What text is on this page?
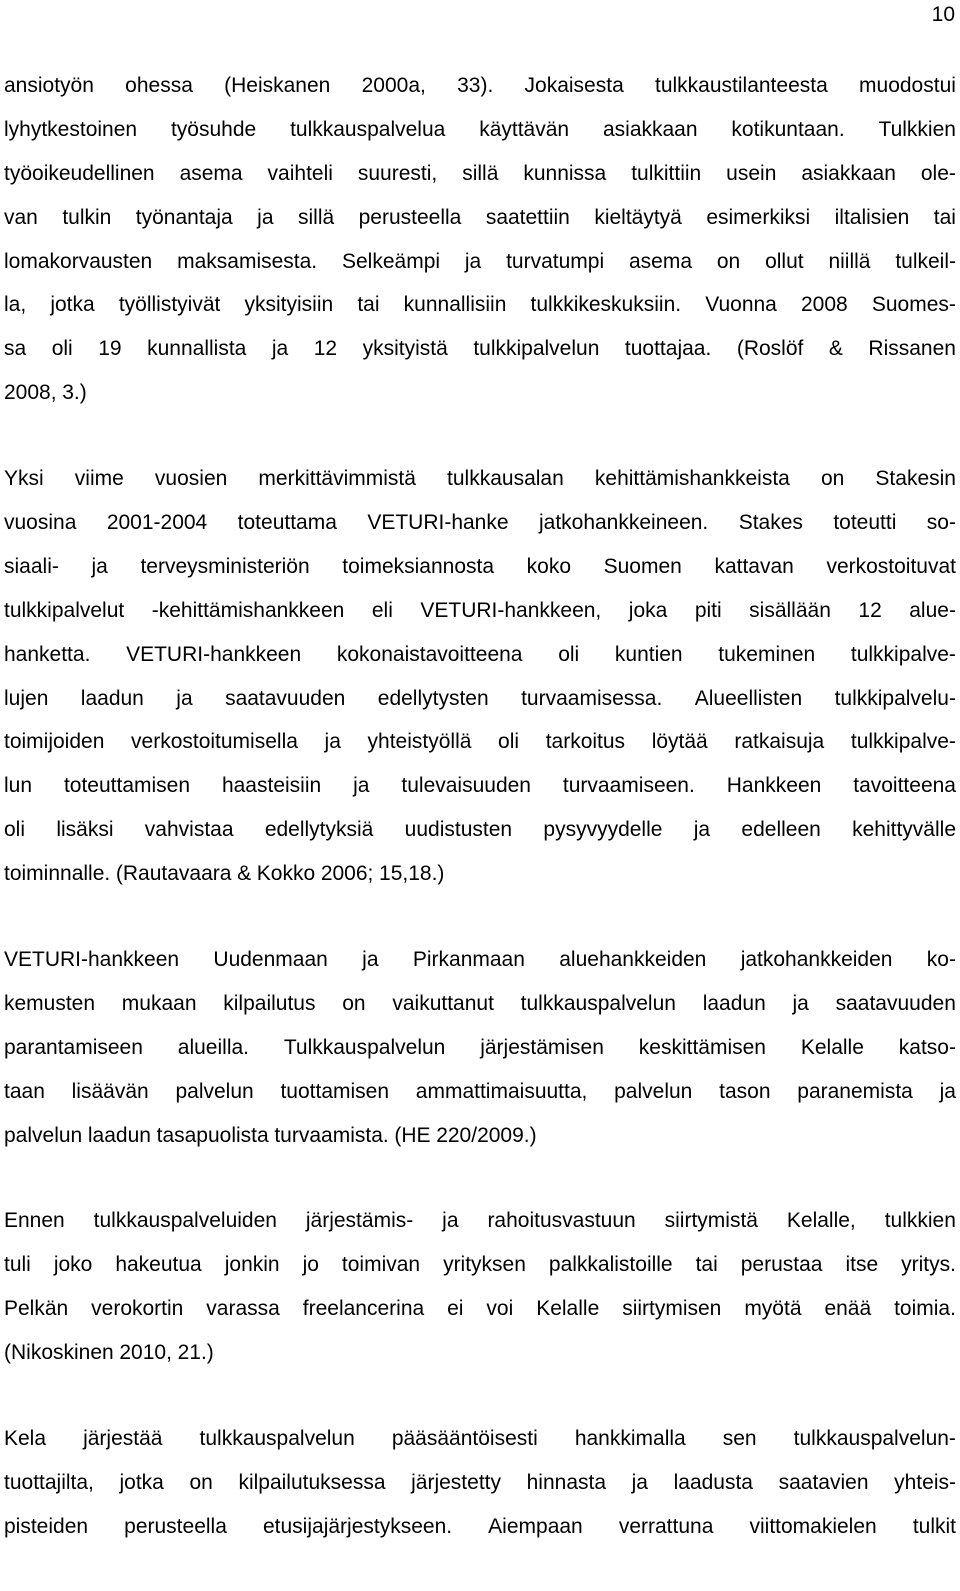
10
ansiotyön ohessa (Heiskanen 2000a, 33). Jokaisesta tulkkaustilanteesta muodostui
lyhytkestoinen työsuhde tulkkauspalvelua käyttävän asiakkaan kotikuntaan. Tulkkien
työoikeudellinen asema vaihteli suuresti, sillä kunnissa tulkittiin usein asiakkaan ole-
van tulkin työnantaja ja sillä perusteella saatettiin kieltäytyä esimerkiksi iltalisien tai
lomakorvausten maksamisesta. Selkeämpi ja turvatumpi asema on ollut niillä tulkeil-
la, jotka työllistyivät yksityisiin tai kunnallisiin tulkkikeskuksiin. Vuonna 2008 Suomes-
sa oli 19 kunnallista ja 12 yksityistä tulkkipalvelun tuottajaa. (Roslöf & Rissanen
2008, 3.)
Yksi viime vuosien merkittävimmistä tulkkausalan kehittämishankkeista on Stakesin
vuosina 2001-2004 toteuttama VETURI-hanke jatkohankkeineen. Stakes toteutti so-
siaali- ja terveysministeriön toimeksiannosta koko Suomen kattavan verkostoituvat
tulkkipalvelut -kehittämishankkeen eli VETURI-hankkeen, joka piti sisällään 12 alue-
hanketta. VETURI-hankkeen kokonaistavoitteena oli kuntien tukeminen tulkkipalve-
lujen laadun ja saatavuuden edellytysten turvaamisessa. Alueellisten tulkkipalvelu-
toimijoiden verkostoitumisella ja yhteistyöllä oli tarkoitus löytää ratkaisuja tulkkipalve-
lun toteuttamisen haasteisiin ja tulevaisuuden turvaamiseen. Hankkeen tavoitteena
oli lisäksi vahvistaa edellytyksiä uudistusten pysyvyydelle ja edelleen kehittyvälle
toiminnalle. (Rautavaara & Kokko 2006; 15,18.)
VETURI-hankkeen Uudenmaan ja Pirkanmaan aluehankkeiden jatkohankkeiden ko-
kemusten mukaan kilpailutus on vaikuttanut tulkkauspalvelun laadun ja saatavuuden
parantamiseen alueilla. Tulkkauspalvelun järjestämisen keskittämisen Kelalle katso-
taan lisäävän palvelun tuottamisen ammattimaisuutta, palvelun tason paranemista ja
palvelun laadun tasapuolista turvaamista. (HE 220/2009.)
Ennen tulkkauspalveluiden järjestämis- ja rahoitusvastuun siirtymistä Kelalle, tulkkien
tuli joko hakeutua jonkin jo toimivan yrityksen palkkalistoille tai perustaa itse yritys.
Pelkän verokortin varassa freelancerina ei voi Kelalle siirtymisen myötä enää toimia.
(Nikoskinen 2010, 21.)
Kela järjestää tulkkauspalvelun pääsääntöisesti hankkimalla sen tulkkauspalvelun-
tuottajilta, jotka on kilpailutuksessa järjestetty hinnasta ja laadusta saatavien yhteis-
pisteiden perusteella etusijajärjestykseen. Aiempaan verrattuna viittomakielen tulkit
